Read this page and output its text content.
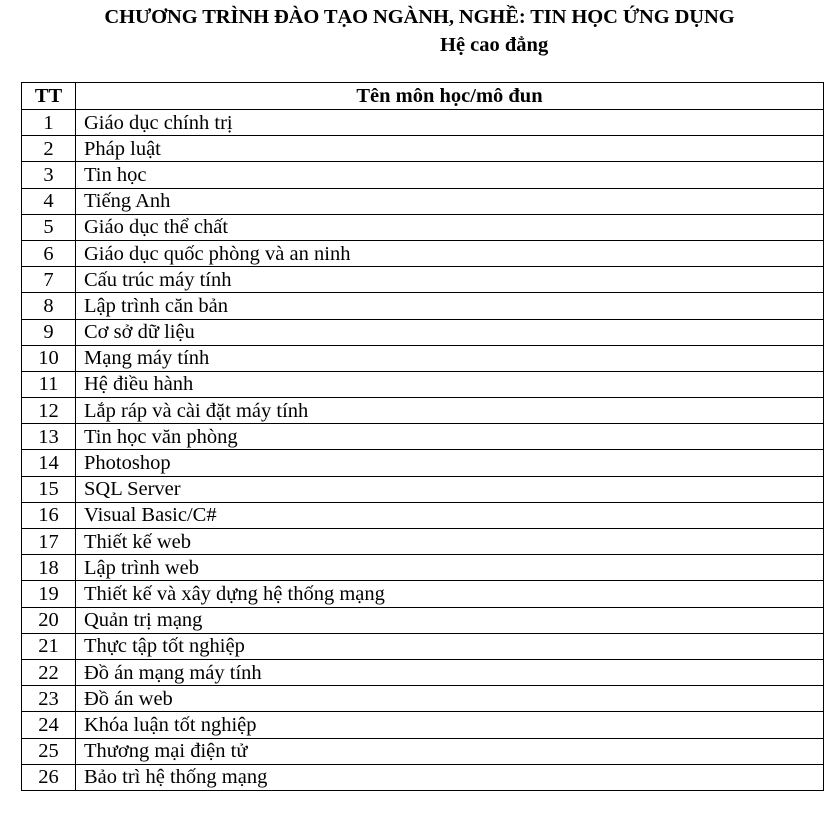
CHƯƠNG TRÌNH ĐÀO TẠO NGÀNH, NGHỀ: TIN HỌC ỨNG DỤNG
Hệ cao đẳng
TT	Tên môn học/mô đun
1	Giáo dục chính trị
2	Pháp luật
3	Tin học
4	Tiếng Anh
5	Giáo dục thể chất
6	Giáo dục quốc phòng và an ninh
7	Cấu trúc máy tính
8	Lập trình căn bản
9	Cơ sở dữ liệu
10	Mạng máy tính
11	Hệ điều hành
12	Lắp ráp và cài đặt máy tính
13	Tin học văn phòng
14	Photoshop
15	SQL Server
16	Visual Basic/C#
17	Thiết kế web
18	Lập trình web
19	Thiết kế và xây dựng hệ thống mạng
20	Quản trị mạng
21	Thực tập tốt nghiệp
22	Đồ án mạng máy tính
23	Đồ án web
24	Khóa luận tốt nghiệp
25	Thương mại điện tử
26	Bảo trì hệ thống mạng
